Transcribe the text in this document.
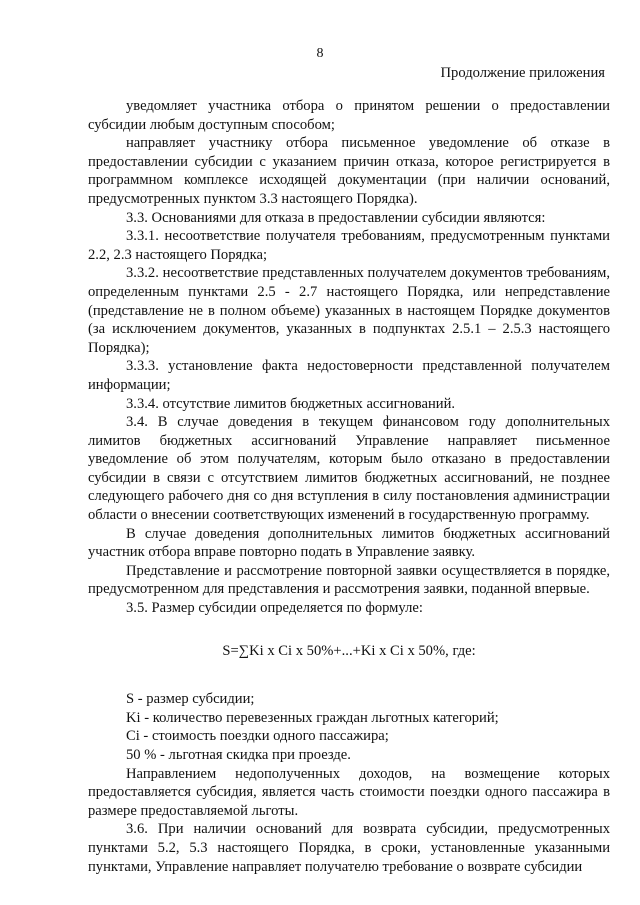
8
Продолжение приложения

уведомляет участника отбора о принятом решении о предоставлении субсидии любым доступным способом;

направляет участнику отбора письменное уведомление об отказе в предоставлении субсидии с указанием причин отказа, которое регистрируется в программном комплексе исходящей документации (при наличии оснований, предусмотренных пунктом 3.3 настоящего Порядка).

3.3. Основаниями для отказа в предоставлении субсидии являются:

3.3.1. несоответствие получателя требованиям, предусмотренным пунктами 2.2, 2.3 настоящего Порядка;

3.3.2. несоответствие представленных получателем документов требованиям, определенным пунктами 2.5 - 2.7 настоящего Порядка, или непредставление (представление не в полном объеме) указанных в настоящем Порядке документов (за исключением документов, указанных в подпунктах 2.5.1 – 2.5.3 настоящего Порядка);

3.3.3. установление факта недостоверности представленной получателем информации;

3.3.4. отсутствие лимитов бюджетных ассигнований.

3.4. В случае доведения в текущем финансовом году дополнительных лимитов бюджетных ассигнований Управление направляет письменное уведомление об этом получателям, которым было отказано в предоставлении субсидии в связи с отсутствием лимитов бюджетных ассигнований, не позднее следующего рабочего дня со дня вступления в силу постановления администрации области о внесении соответствующих изменений в государственную программу.

В случае доведения дополнительных лимитов бюджетных ассигнований участник отбора вправе повторно подать в Управление заявку.

Представление и рассмотрение повторной заявки осуществляется в порядке, предусмотренном для представления и рассмотрения заявки, поданной впервые.

3.5. Размер субсидии определяется по формуле:

S=∑Ki х Ci х 50%+...+Ki х Ci х 50%, где:

S - размер субсидии;

Ki - количество перевезенных граждан льготных категорий;

Ci - стоимость поездки одного пассажира;

50 % - льготная скидка при проезде.

Направлением недополученных доходов, на возмещение которых предоставляется субсидия, является часть стоимости поездки одного пассажира в размере предоставляемой льготы.

3.6. При наличии оснований для возврата субсидии, предусмотренных пунктами 5.2, 5.3 настоящего Порядка, в сроки, установленные указанными пунктами, Управление направляет получателю требование о возврате субсидии
